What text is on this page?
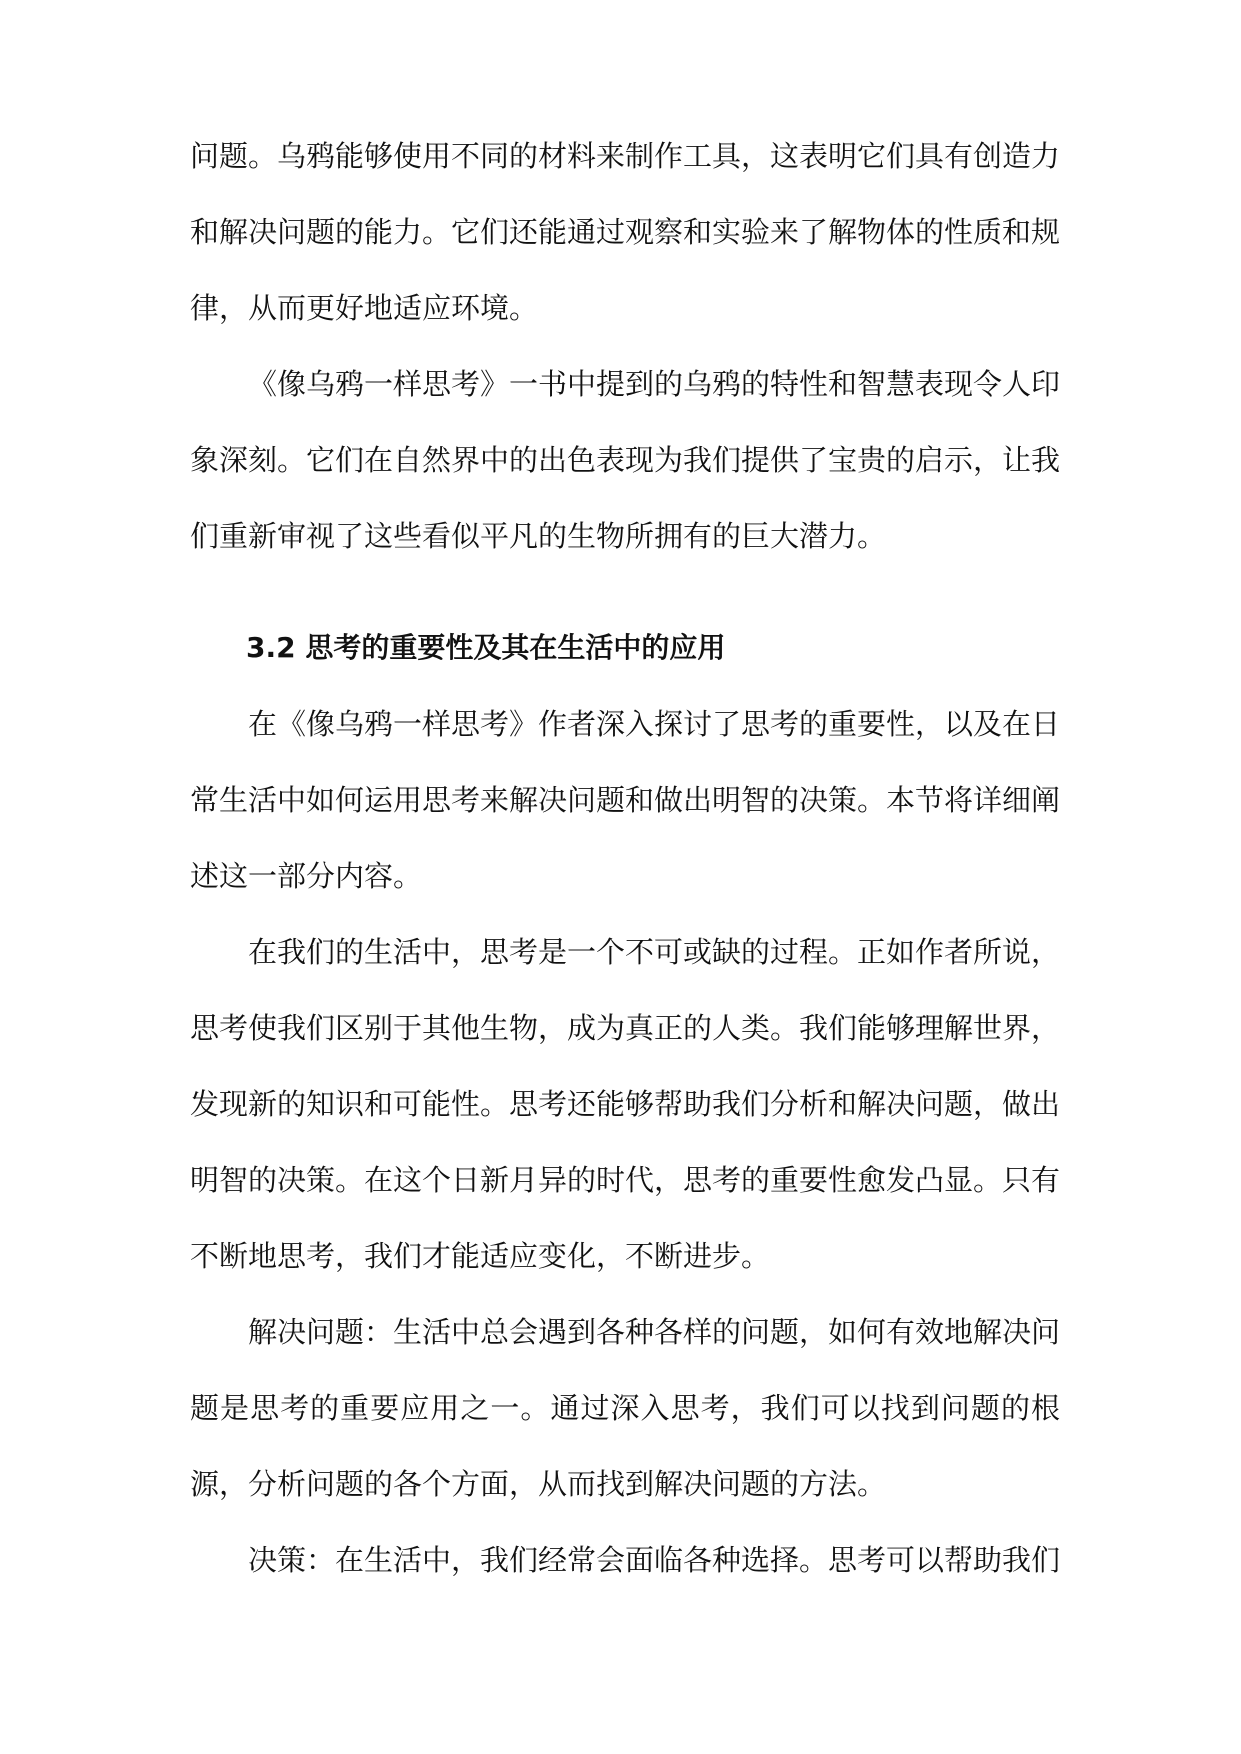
问题。乌鸦能够使用不同的材料来制作工具，这表明它们具有创造力和解决问题的能力。它们还能通过观察和实验来了解物体的性质和规律，从而更好地适应环境。

《像乌鸦一样思考》一书中提到的乌鸦的特性和智慧表现令人印象深刻。它们在自然界中的出色表现为我们提供了宝贵的启示，让我们重新审视了这些看似平凡的生物所拥有的巨大潜力。

3.2 思考的重要性及其在生活中的应用

在《像乌鸦一样思考》作者深入探讨了思考的重要性，以及在日常生活中如何运用思考来解决问题和做出明智的决策。本节将详细阐述这一部分内容。

在我们的生活中，思考是一个不可或缺的过程。正如作者所说，思考使我们区别于其他生物，成为真正的人类。我们能够理解世界，发现新的知识和可能性。思考还能够帮助我们分析和解决问题，做出明智的决策。在这个日新月异的时代，思考的重要性愈发凸显。只有不断地思考，我们才能适应变化，不断进步。

解决问题：生活中总会遇到各种各样的问题，如何有效地解决问题是思考的重要应用之一。通过深入思考，我们可以找到问题的根源，分析问题的各个方面，从而找到解决问题的方法。

决策：在生活中，我们经常会面临各种选择。思考可以帮助我们
